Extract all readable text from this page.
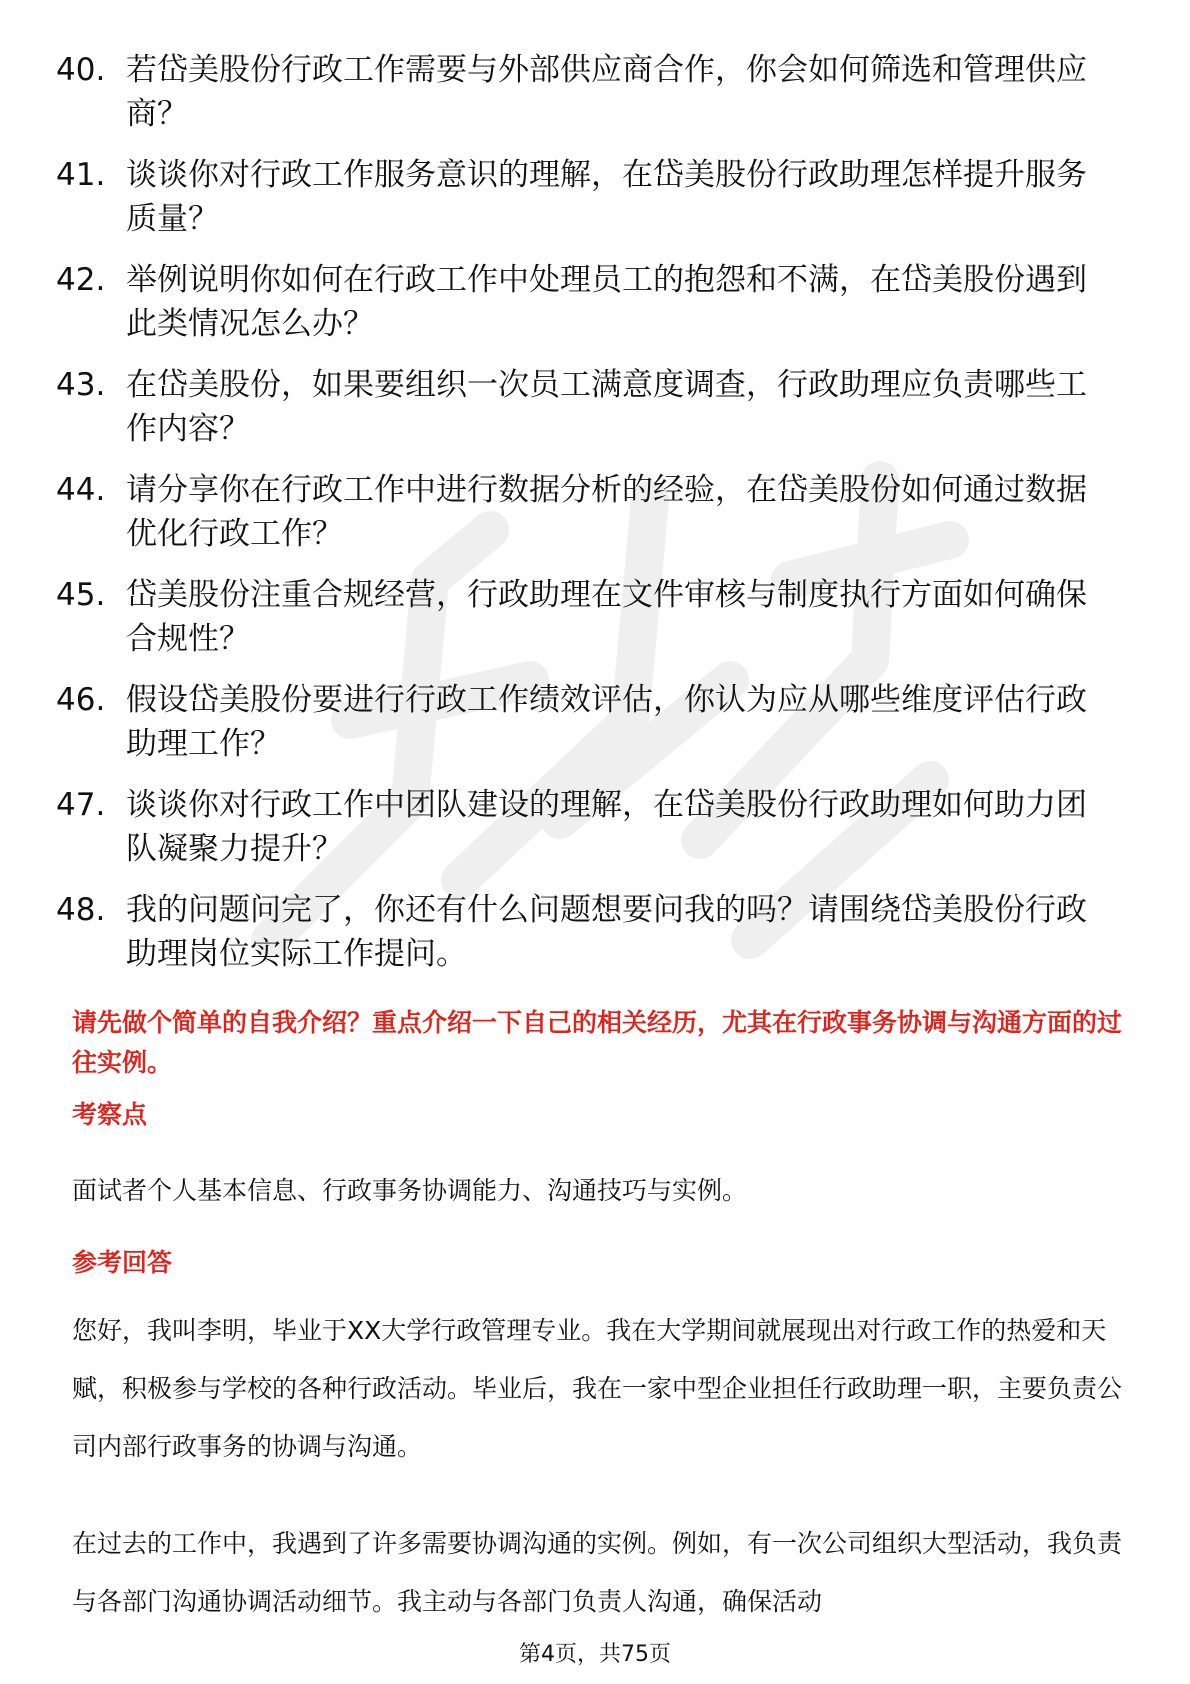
40. 若岱美股份行政工作需要与外部供应商合作，你会如何筛选和管理供应商？
41. 谈谈你对行政工作服务意识的理解，在岱美股份行政助理怎样提升服务质量？
42. 举例说明你如何在行政工作中处理员工的抱怨和不满，在岱美股份遇到此类情况怎么办？
43. 在岱美股份，如果要组织一次员工满意度调查，行政助理应负责哪些工作内容？
44. 请分享你在行政工作中进行数据分析的经验，在岱美股份如何通过数据优化行政工作？
45. 岱美股份注重合规经营，行政助理在文件审核与制度执行方面如何确保合规性？
46. 假设岱美股份要进行行政工作绩效评估，你认为应从哪些维度评估行政助理工作？
47. 谈谈你对行政工作中团队建设的理解，在岱美股份行政助理如何助力团队凝聚力提升？
48. 我的问题问完了，你还有什么问题想要问我的吗？请围绕岱美股份行政助理岗位实际工作提问。
请先做个简单的自我介绍？重点介绍一下自己的相关经历，尤其在行政事务协调与沟通方面的过往实例。
考察点
面试者个人基本信息、行政事务协调能力、沟通技巧与实例。
参考回答
您好，我叫李明，毕业于XX大学行政管理专业。我在大学期间就展现出对行政工作的热爱和天赋，积极参与学校的各种行政活动。毕业后，我在一家中型企业担任行政助理一职，主要负责公司内部行政事务的协调与沟通。
在过去的工作中，我遇到了许多需要协调沟通的实例。例如，有一次公司组织大型活动，我负责与各部门沟通协调活动细节。我主动与各部门负责人沟通，确保活动
第4页，共75页
